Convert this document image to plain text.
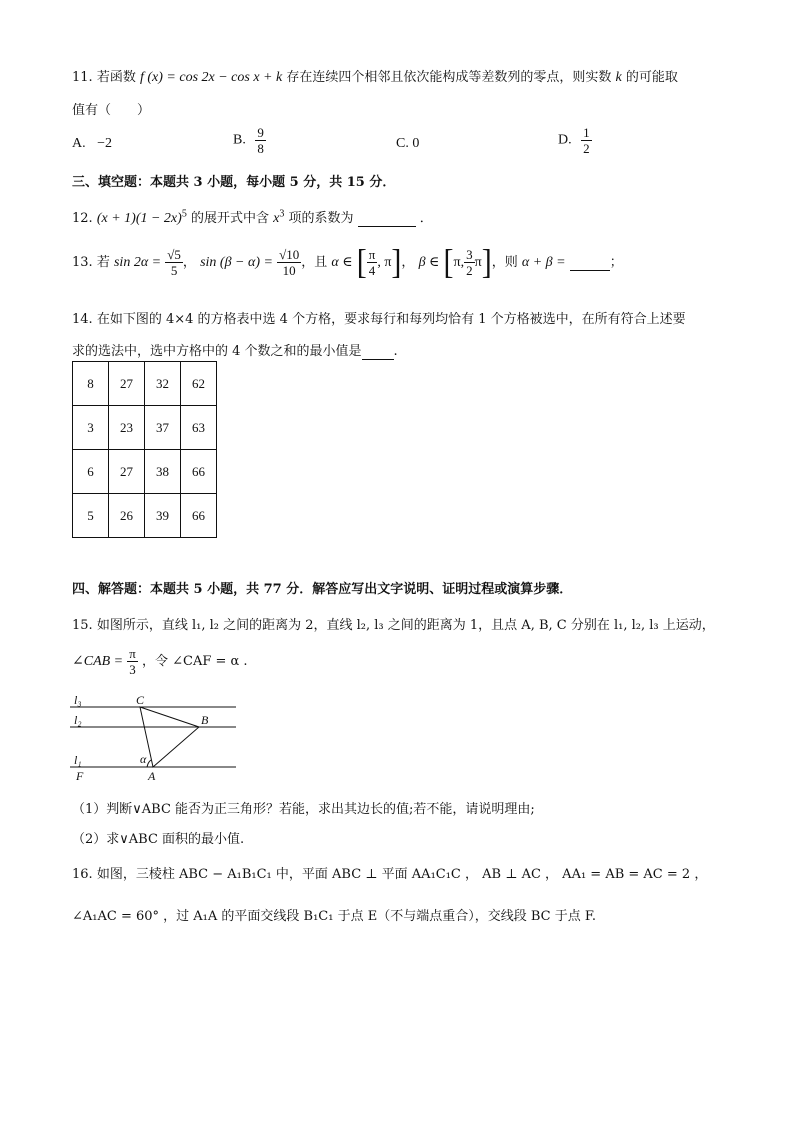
11. 若函数 f (x) = cos 2x − cos x + k 存在连续四个相邻且依次能构成等差数列的零点，则实数 k 的可能取
值有（　　）
A. −2	B. $\frac{9}{8}$	C. 0	D. $\frac{1}{2}$
三、填空题：本题共 3 小题，每小题 5 分，共 15 分．
12. $(x + 1)(1 - 2x)^5$ 的展开式中含 $x^3$ 项的系数为	．
13. 若 $\sin 2\alpha = \frac{√5}{5}$ ， $\sin (\beta - \alpha) = \frac{√10}{10}$ ，且 α ∈ [ $\frac{\pi}{4}$ , π]， β ∈ [π, $\frac{3}{2} \pi$]，则 α + β =	；
14. 在如下图的 4×4 的方格表中选 4 个方格，要求每行和每列均恰有 1 个方格被选中，在所有符合上述要
求的选法中，选中方格中的 4 个数之和的最小值是 .
8	27	32	62
3	23	37	63
6	27	38	66
5	26	39	66
四、解答题：本题共 5 小题，共 77 分．解答应写出文字说明、证明过程或演算步骤．
15. 如图所示，直线 l₁, l₂ 之间的距离为 2，直线 l₂, l₃ 之间的距离为 1，且点 A, B, C 分别在 l₁, l₂, l₃ 上运动，
∠CAB = $\frac{\pi}{3}$ ，令 ∠CAF = α .
l₃
l₂
l₁
F
C
B
A
α
（1）判断∨ABC 能否为正三角形？若能，求出其边长的值;若不能，请说明理由;
（2）求∨ABC 面积的最小值.
16. 如图，三棱柱 ABC − A₁B₁C₁ 中，平面 ABC ⊥ 平面 AA₁C₁C ， AB ⊥ AC ， AA₁ = AB = AC = 2 ，
∠A₁AC = 60° ，过 A₁A 的平面交线段 B₁C₁ 于点 E（不与端点重合），交线段 BC 于点 F.
